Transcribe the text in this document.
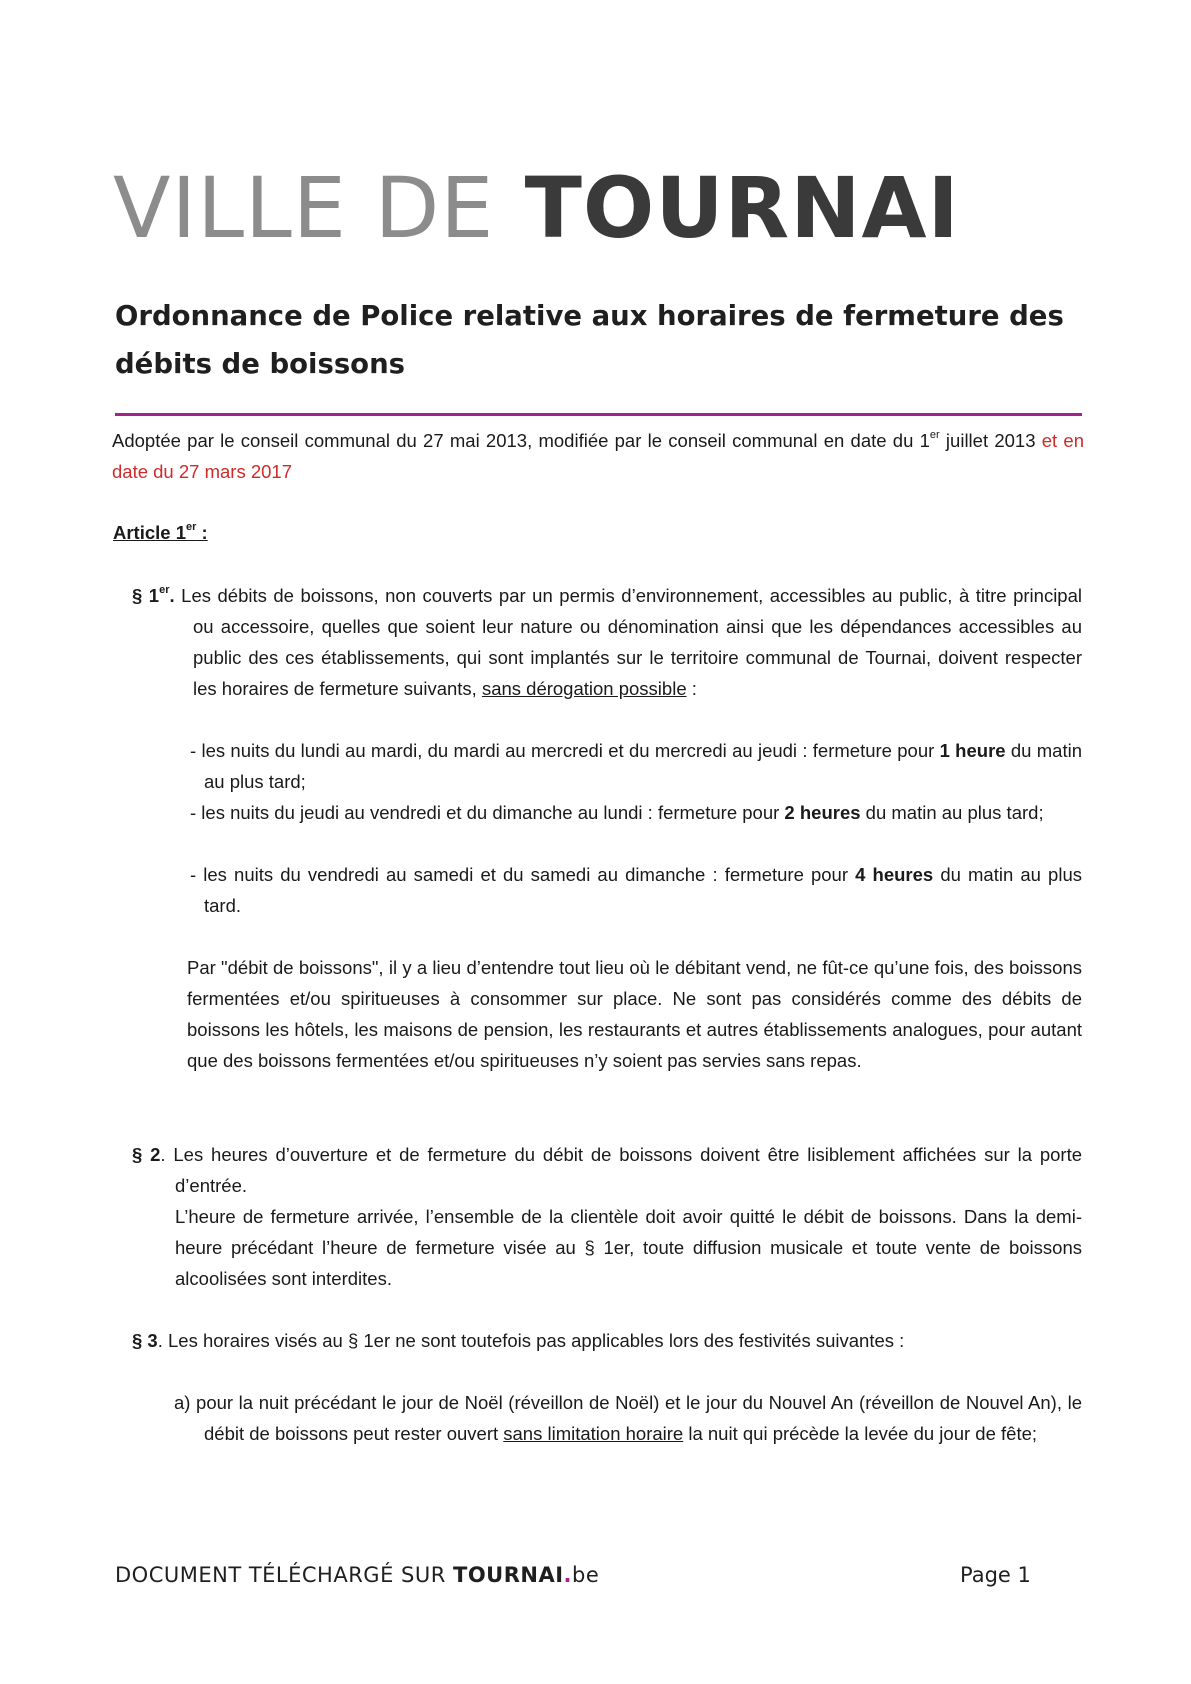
VILLE DE TOURNAI
Ordonnance de Police relative aux horaires de fermeture des
débits de boissons

Adoptée par le conseil communal du 27 mai 2013, modifiée par le conseil communal en date du 1er juillet 2013 et en date du 27 mars 2017

Article 1er :

§ 1er. Les débits de boissons, non couverts par un permis d’environnement, accessibles au public, à titre principal ou accessoire, quelles que soient leur nature ou dénomination ainsi que les dépendances accessibles au public des ces établissements, qui sont implantés sur le territoire communal de Tournai, doivent respecter les horaires de fermeture suivants, sans dérogation possible :

- les nuits du lundi au mardi, du mardi au mercredi et du mercredi au jeudi : fermeture pour 1 heure du matin au plus tard;

- les nuits du jeudi au vendredi et du dimanche au lundi : fermeture pour 2 heures du matin au plus tard;

- les nuits du vendredi au samedi et du samedi au dimanche : fermeture pour 4 heures du matin au plus tard.

Par "débit de boissons", il y a lieu d’entendre tout lieu où le débitant vend, ne fût-ce qu’une fois, des boissons fermentées et/ou spiritueuses à consommer sur place. Ne sont pas considérés comme des débits de boissons les hôtels, les maisons de pension, les restaurants et autres établissements analogues, pour autant que des boissons fermentées et/ou spiritueuses n’y soient pas servies sans repas.

§ 2. Les heures d’ouverture et de fermeture du débit de boissons doivent être lisiblement affichées sur la porte d’entrée.

L’heure de fermeture arrivée, l’ensemble de la clientèle doit avoir quitté le débit de boissons. Dans la demi-heure précédant l’heure de fermeture visée au § 1er, toute diffusion musicale et toute vente de boissons alcoolisées sont interdites.

§ 3. Les horaires visés au § 1er ne sont toutefois pas applicables lors des festivités suivantes :

a) pour la nuit précédant le jour de Noël (réveillon de Noël) et le jour du Nouvel An (réveillon de Nouvel An), le débit de boissons peut rester ouvert sans limitation horaire la nuit qui précède la levée du jour de fête;

DOCUMENT TÉLÉCHARGÉ SUR TOURNAI.be	Page 1
